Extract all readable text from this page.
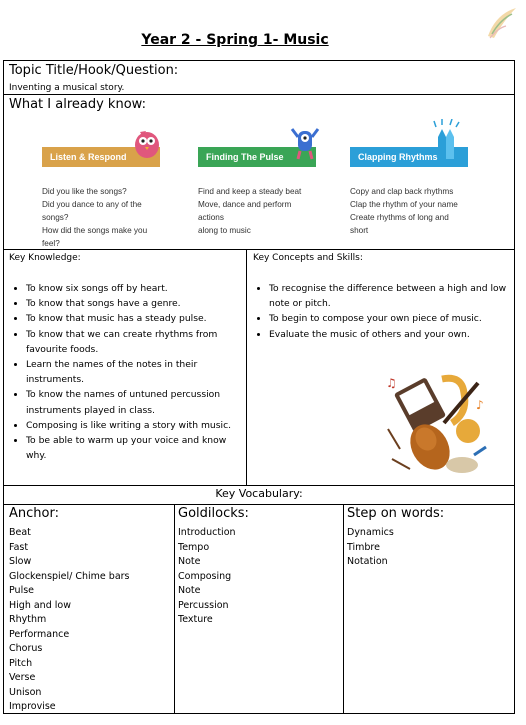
Year 2 - Spring 1- Music
Topic Title/Hook/Question:
Inventing a musical story.
What I already know:
Listen & Respond
Did you like the songs?
Did you dance to any of the songs?
How did the songs make you feel?
Finding The Pulse
Find and keep a steady beat
Move, dance and perform actions
along to music
Clapping Rhythms
Copy and clap back rhythms
Clap the rhythm of your name
Create rhythms of long and short
Key Knowledge:
• To know six songs off by heart.
• To know that songs have a genre.
• To know that music has a steady pulse.
• To know that we can create rhythms from favourite foods.
• Learn the names of the notes in their instruments.
• To know the names of untuned percussion instruments played in class.
• Composing is like writing a story with music.
• To be able to warm up your voice and know why.
Key Concepts and Skills:
• To recognise the difference between a high and low note or pitch.
• To begin to compose your own piece of music.
• Evaluate the music of others and your own.
♫
♪
Key Vocabulary:
Anchor:
Beat
Fast
Slow
Glockenspiel/ Chime bars
Pulse
High and low
Rhythm
Performance
Chorus
Pitch
Verse
Unison
Improvise
Goldilocks:
Introduction
Tempo
Note
Composing
Note
Percussion
Texture
Step on words:
Dynamics
Timbre
Notation
